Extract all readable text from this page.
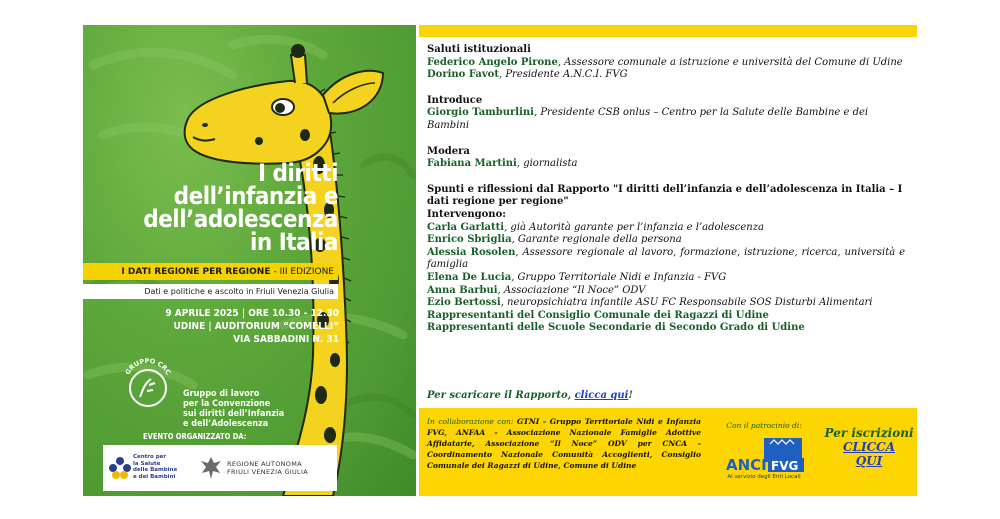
I diritti
dell’infanzia e
dell’adolescenza
in Italia
I DATI REGIONE PER REGIONE - III EDIZIONE
Dati e politiche e ascolto in Friuli Venezia Giulia
9 APRILE 2025 | ORE 10.30 - 12.30
UDINE | AUDITORIUM “COMELLI”
VIA SABBADINI N. 31
GRUPPO CRC
Gruppo di lavoro
per la Convenzione
sui diritti dell’Infanzia
e dell’Adolescenza
EVENTO ORGANIZZATO DA:
Centro per
la Salute
delle Bambine
e dei Bambini
REGIONE AUTONOMA
FRIULI VENEZIA GIULIA
Saluti istituzionali
Federico Angelo Pirone, Assessore comunale a istruzione e università del Comune di Udine
Dorino Favot, Presidente A.N.C.I. FVG
Introduce
Giorgio Tamburlini, Presidente CSB onlus – Centro per la Salute delle Bambine e dei Bambini
Modera
Fabiana Martini, giornalista
Spunti e riflessioni dal Rapporto "I diritti dell’infanzia e dell’adolescenza in Italia – I dati regione per regione"
Intervengono:
Carla Garlatti, già Autorità garante per l’infanzia e l’adolescenza
Enrico Sbriglia, Garante regionale della persona
Alessia Rosolen, Assessore regionale al lavoro, formazione, istruzione, ricerca, università e famiglia
Elena De Lucia, Gruppo Territoriale Nidi e Infanzia - FVG
Anna Barbui, Associazione “Il Noce” ODV
Ezio Bertossi, neuropsichiatra infantile ASU FC Responsabile SOS Disturbi Alimentari
Rappresentanti del Consiglio Comunale dei Ragazzi di Udine
Rappresentanti delle Scuole Secondarie di Secondo Grado di Udine
Per scaricare il Rapporto, clicca qui!
In collaborazione con: GTNI - Gruppo Territoriale Nidi e Infanzia FVG, ANFAA - Associazione Nazionale Famiglie Adottive Affidatarie, Associazione “Il Noce” ODV per CNCA - Coordinamento Nazionale Comunità Accoglienti, Consiglio Comunale dei Ragazzi di Udine, Comune di Udine
Con il patrocinio di:
ANCI FVG
Al servizio degli Enti Locali
Per iscrizioni
CLICCA
QUI
